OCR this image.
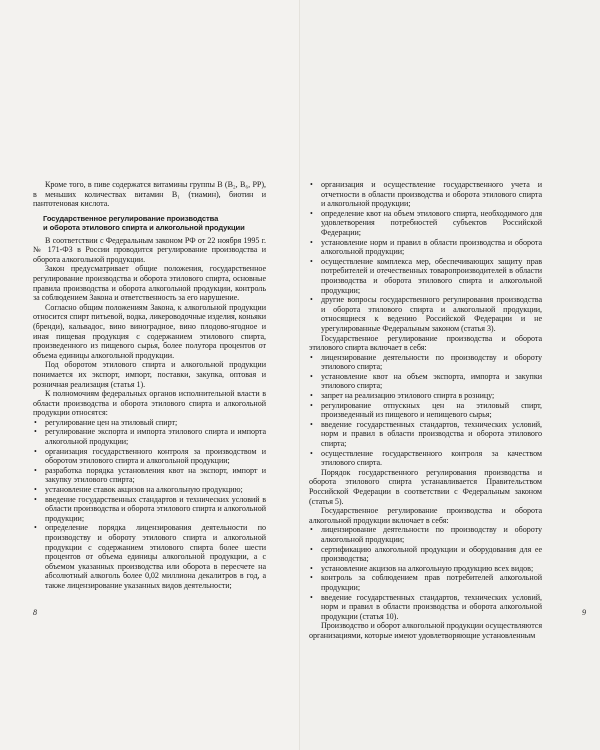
Кроме того, в пиве содержатся витамины группы В (В₂, В₆, РР), в меньших количествах витамин В₁ (тиамин), биотин и пантотеновая кислота.

Государственное регулирование производства
и оборота этилового спирта и алкогольной продукции

В соответствии с Федеральным законом РФ от 22 ноября 1995 г. № 171-ФЗ в России проводится регулирование производства и оборота алкогольной продукции.

Закон предусматривает общие положения, государственное регулирование производства и оборота этилового спирта, основные правила производства и оборота алкогольной продукции, контроль за соблюдением Закона и ответственность за его нарушение.

Согласно общим положениям Закона, к алкогольной продукции относится спирт питьевой, водка, ликероводочные изделия, коньяки (бренди), кальвадос, вино виноградное, вино плодово-ягодное и иная пищевая продукция с содержанием этилового спирта, произведенного из пищевого сырья, более полутора процентов от объема единицы алкогольной продукции.

Под оборотом этилового спирта и алкогольной продукции понимается их экспорт, импорт, поставки, закупка, оптовая и розничная реализация (статья 1).

К полномочиям федеральных органов исполнительной власти в области производства и оборота этилового спирта и алкогольной продукции относятся:

• регулирование цен на этиловый спирт;
• регулирование экспорта и импорта этилового спирта и импорта алкогольной продукции;
• организация государственного контроля за производством и оборотом этилового спирта и алкогольной продукции;
• разработка порядка установления квот на экспорт, импорт и закупку этилового спирта;
• установление ставок акцизов на алкогольную продукцию;
• введение государственных стандартов и технических условий в области производства и оборота этилового спирта и алкогольной продукции;
• определение порядка лицензирования деятельности по производству и обороту этилового спирта и алкогольной продукции с содержанием этилового спирта более шести процентов от объема единицы алкогольной продукции, а с объемом указанных производства или оборота в пересчете на абсолютный алкоголь более 0,02 миллиона декалитров в год, а также лицензирование указанных видов деятельности;
8
• организация и осуществление государственного учета и отчетности в области производства и оборота этилового спирта и алкогольной продукции;
• определение квот на объем этилового спирта, необходимого для удовлетворения потребностей субъектов Российской Федерации;
• установление норм и правил в области производства и оборота алкогольной продукции;
• осуществление комплекса мер, обеспечивающих защиту прав потребителей и отечественных товаропроизводителей в области производства и оборота этилового спирта и алкогольной продукции;
• другие вопросы государственного регулирования производства и оборота этилового спирта и алкогольной продукции, относящиеся к ведению Российской Федерации и не урегулированные Федеральным законом (статья 3).

Государственное регулирование производства и оборота этилового спирта включает в себя:

• лицензирование деятельности по производству и обороту этилового спирта;
• установление квот на объем экспорта, импорта и закупки этилового спирта;
• запрет на реализацию этилового спирта в розницу;
• регулирование отпускных цен на этиловый спирт, произведенный из пищевого и непищевого сырья;
• введение государственных стандартов, технических условий, норм и правил в области производства и оборота этилового спирта;
• осуществление государственного контроля за качеством этилового спирта.

Порядок государственного регулирования производства и оборота этилового спирта устанавливается Правительством Российской Федерации в соответствии с Федеральным законом (статья 5).

Государственное регулирование производства и оборота алкогольной продукции включает в себя:

• лицензирование деятельности по производству и обороту алкогольной продукции;
• сертификацию алкогольной продукции и оборудования для ее производства;
• установление акцизов на алкогольную продукцию всех видов;
• контроль за соблюдением прав потребителей алкогольной продукции;
• введение государственных стандартов, технических условий, норм и правил в области производства и оборота алкогольной продукции (статья 10).

Производство и оборот алкогольной продукции осуществляются организациями, которые имеют удовлетворяющие установленным

9
